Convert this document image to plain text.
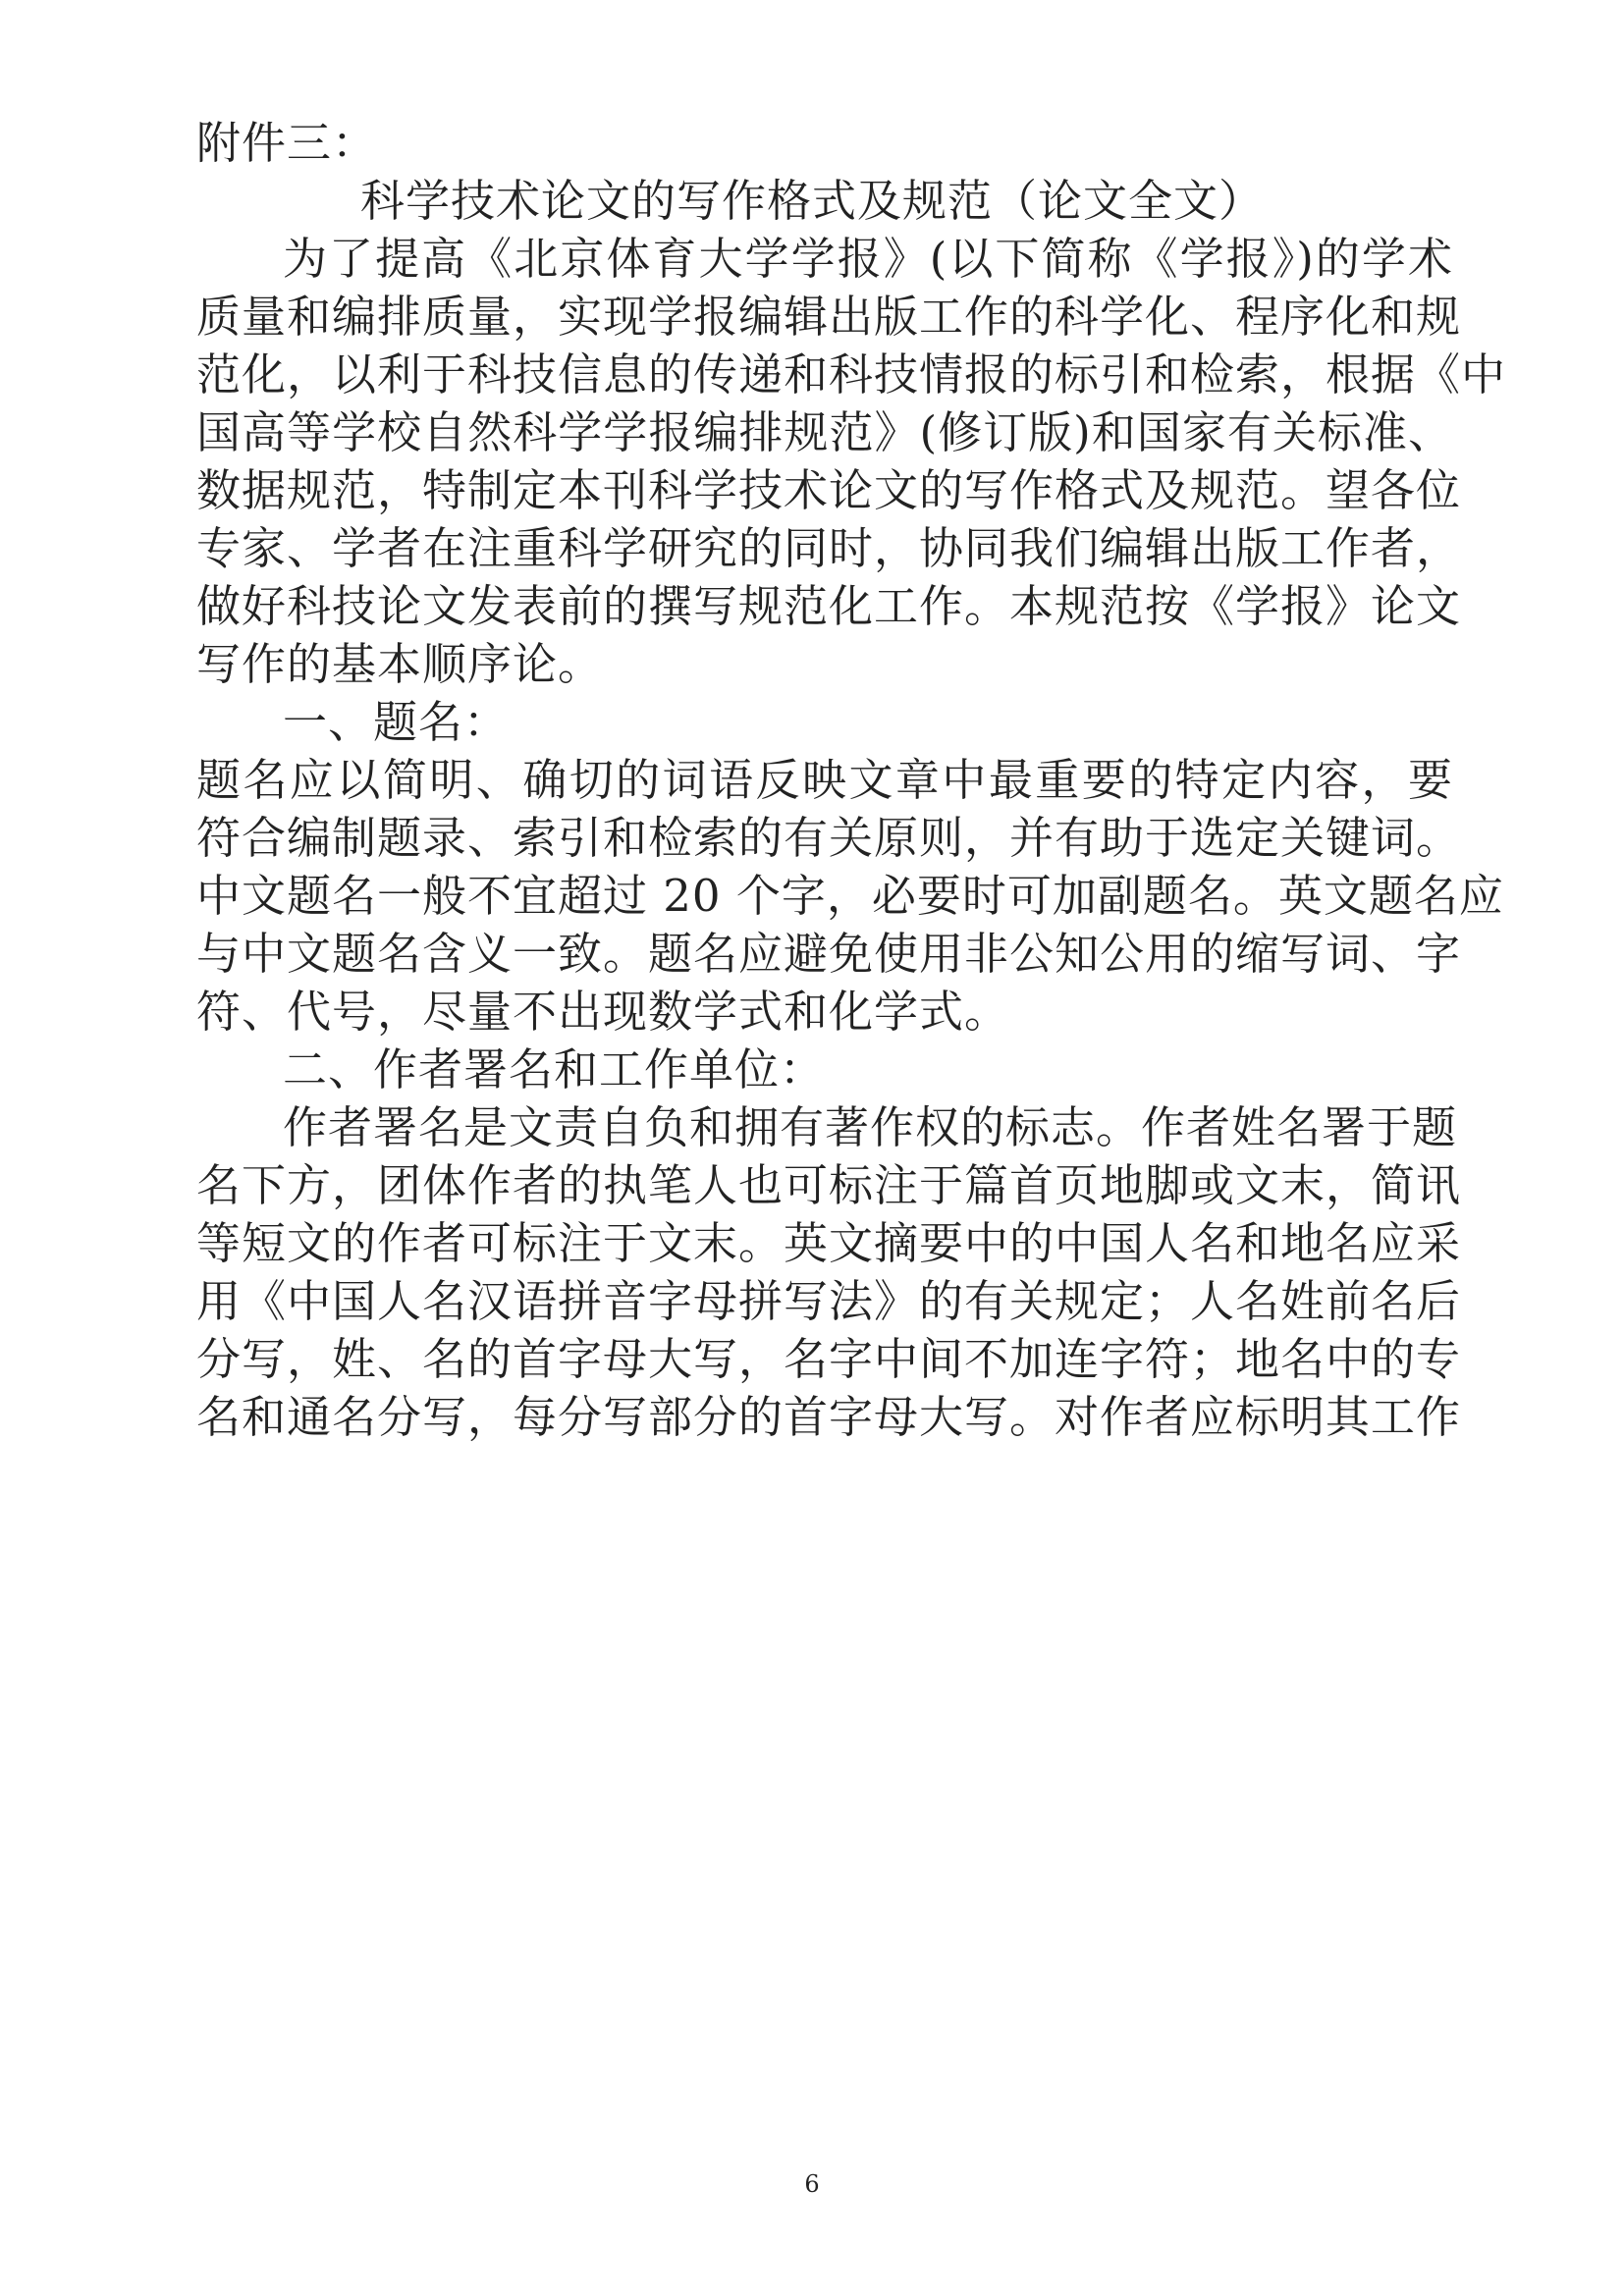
附件三：
科学技术论文的写作格式及规范（论文全文）
为了提高《北京体育大学学报》(以下简称《学报》)的学术
质量和编排质量，实现学报编辑出版工作的科学化、程序化和规
范化，以利于科技信息的传递和科技情报的标引和检索，根据《中
国高等学校自然科学学报编排规范》(修订版)和国家有关标准、
数据规范，特制定本刊科学技术论文的写作格式及规范。望各位
专家、学者在注重科学研究的同时，协同我们编辑出版工作者，
做好科技论文发表前的撰写规范化工作。本规范按《学报》论文
写作的基本顺序论。
一、题名：
题名应以简明、确切的词语反映文章中最重要的特定内容，要
符合编制题录、索引和检索的有关原则，并有助于选定关键词。
中文题名一般不宜超过 20 个字，必要时可加副题名。英文题名应
与中文题名含义一致。题名应避免使用非公知公用的缩写词、字
符、代号，尽量不出现数学式和化学式。
二、作者署名和工作单位：
作者署名是文责自负和拥有著作权的标志。作者姓名署于题
名下方，团体作者的执笔人也可标注于篇首页地脚或文末，简讯
等短文的作者可标注于文末。英文摘要中的中国人名和地名应采
用《中国人名汉语拼音字母拼写法》的有关规定；人名姓前名后
分写，姓、名的首字母大写，名字中间不加连字符；地名中的专
名和通名分写，每分写部分的首字母大写。对作者应标明其工作
6
